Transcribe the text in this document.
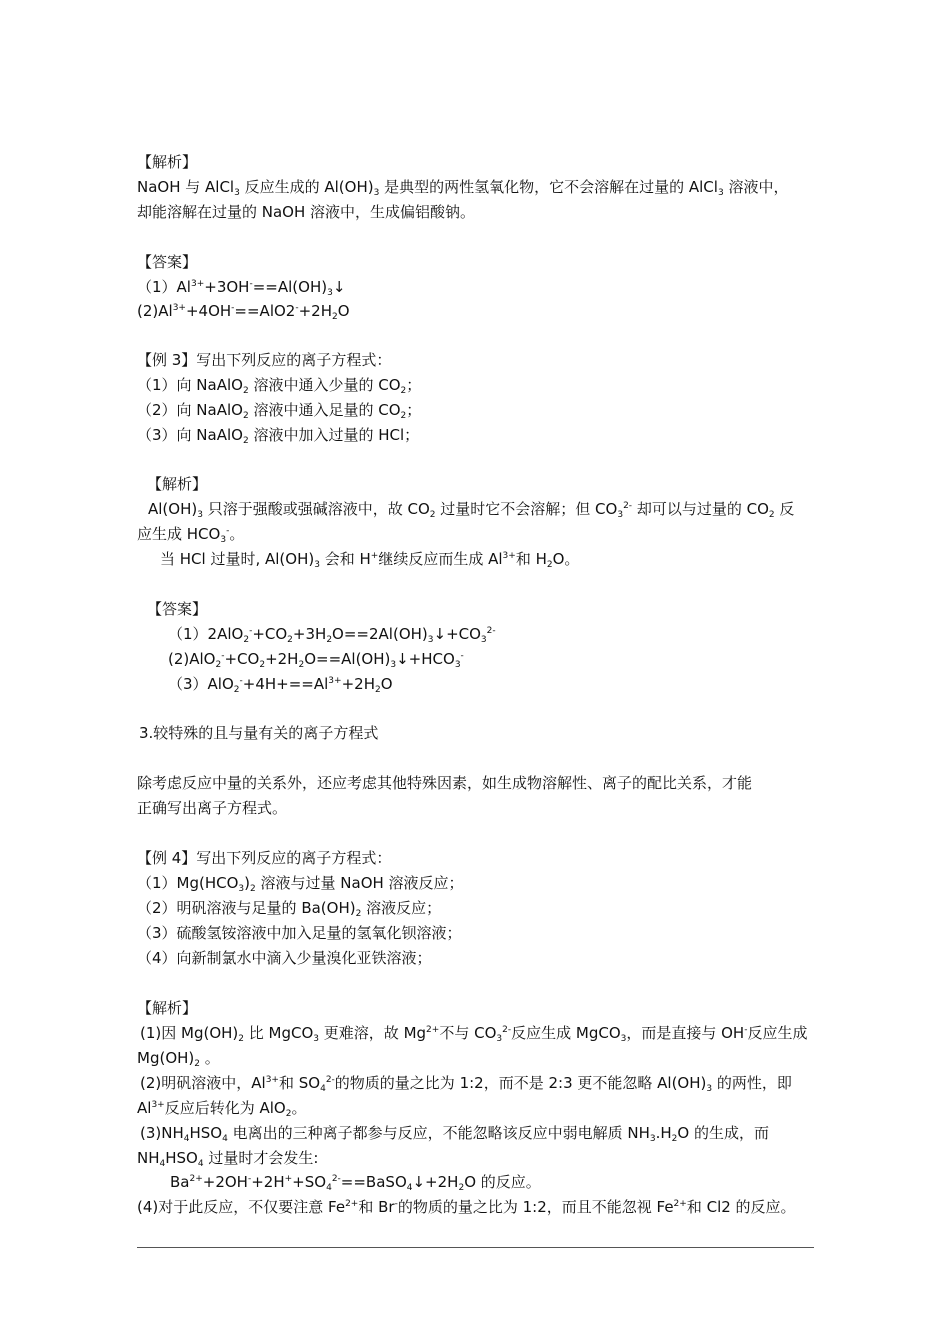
【解析】
NaOH 与 AlCl$_3$ 反应生成的 $Al(OH)_3$ 是典型的两性氢氧化物，它不会溶解在过量的 AlCl$_3$ 溶液中，
却能溶解在过量的 NaOH 溶液中，生成偏铝酸钠。
【答案】
$(1)Al^{3+}+3OH^-==Al(OH)_3↓$
$(2)Al^{3+}+4OH^-==AlO2^-+2H_2O$
【例 3】写出下列反应的离子方程式：
（1）向 NaAlO$_2$ 溶液中通入少量的 $CO_2$；
（2）向 NaAlO$_2$ 溶液中通入足量的 $CO_2$；
（3）向 NaAlO$_2$ 溶液中加入过量的 HCl；
【解析】
$Al(OH)_3$ 只溶于强酸或强碱溶液中，故 $CO_2$ 过量时它不会溶解；但 $CO_3^{2-}$ 却可以与过量的 $CO_2$ 反
应生成 $HCO_3^-$。
当 HCl 过量时, $Al(OH)_3$ 会和 H+继续反应而生成 $Al^{3+}$和 $H_2O$。
【答案】
$(1)2AlO_2^-+CO_2+3H_2O==2Al(OH)_3↓+CO_3^{2-}$
$(2)AlO_2^-+CO_2+2H_2O==Al(OH)_3↓+HCO_3^-$
$(3)AlO_2^-+4H+==Al^{3+}+2H_2O$
3.较特殊的且与量有关的离子方程式
除考虑反应中量的关系外，还应考虑其他特殊因素，如生成物溶解性、离子的配比关系，才能
正确写出离子方程式。
【例 4】写出下列反应的离子方程式：
$(1)Mg(HCO_3)_2$ 溶液与过量 NaOH 溶液反应；
（2）明矾溶液与足量的 $Ba(OH)_2$ 溶液反应；
（3）硫酸氢铵溶液中加入足量的氢氧化钡溶液；
（4）向新制氯水中滴入少量溴化亚铁溶液；
【解析】
(1)因 $Mg(OH)_2$ 比 MgCO$_3$ 更难溶，故 $Mg^{2+}$不与 $CO_3^{2-}$反应生成 MgCO$_3$，而是直接与 OH-反应生成
$Mg(OH)_2$ 。
(2)明矾溶液中，$Al^{3+}$和 $SO_4^{2-}$的物质的量之比为 1:2，而不是 2:3 更不能忽略 $Al(OH)_3$ 的两性，即
$Al^{3+}$反应后转化为 AlO$_2$。
$(3)NH_4HSO_4$ 电离出的三种离子都参与反应，不能忽略该反应中弱电解质 $NH_3.H_2O$ 的生成，而
$NH_4HSO_4$ 过量时才会发生:
$Ba^{2+}+2OH^-+2H^++SO_4^{2-}==BaSO_4↓+2H_2O$ 的反应。
(4)对于此反应，不仅要注意 $Fe^{2+}$和 Br-的物质的量之比为 1:2，而且不能忽视 $Fe^{2+}$和 Cl2 的反应。
